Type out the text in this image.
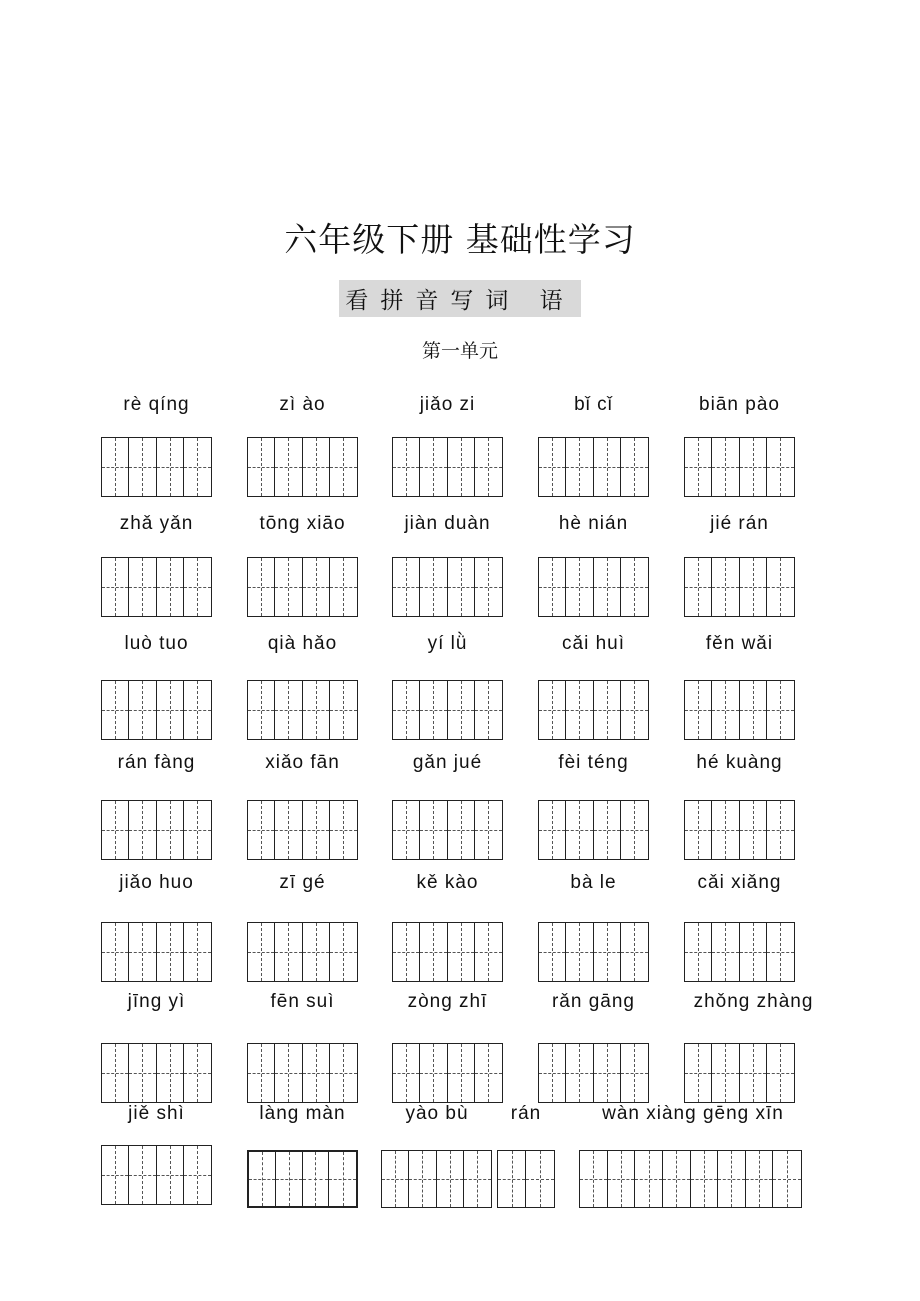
六年级下册 基础性学习
看拼音写词 语
第一单元
rè qíng	zì ào	jiǎo zi	bǐ cǐ	biān pào
zhǎ yǎn	tōng xiāo	jiàn duàn	hè nián	jié rán
luò tuo	qià hǎo	yí lǜ	cǎi huì	fěn wǎi
rán fàng	xiǎo fān	gǎn jué	fèi téng	hé kuàng
jiǎo huo	zī gé	kě kào	bà le	cǎi xiǎng
jīng yì	fēn suì	zòng zhī	rǎn gāng	zhǒng zhàng
jiě shì	làng màn	yào bù	rán	wàn xiàng gēng xīn
